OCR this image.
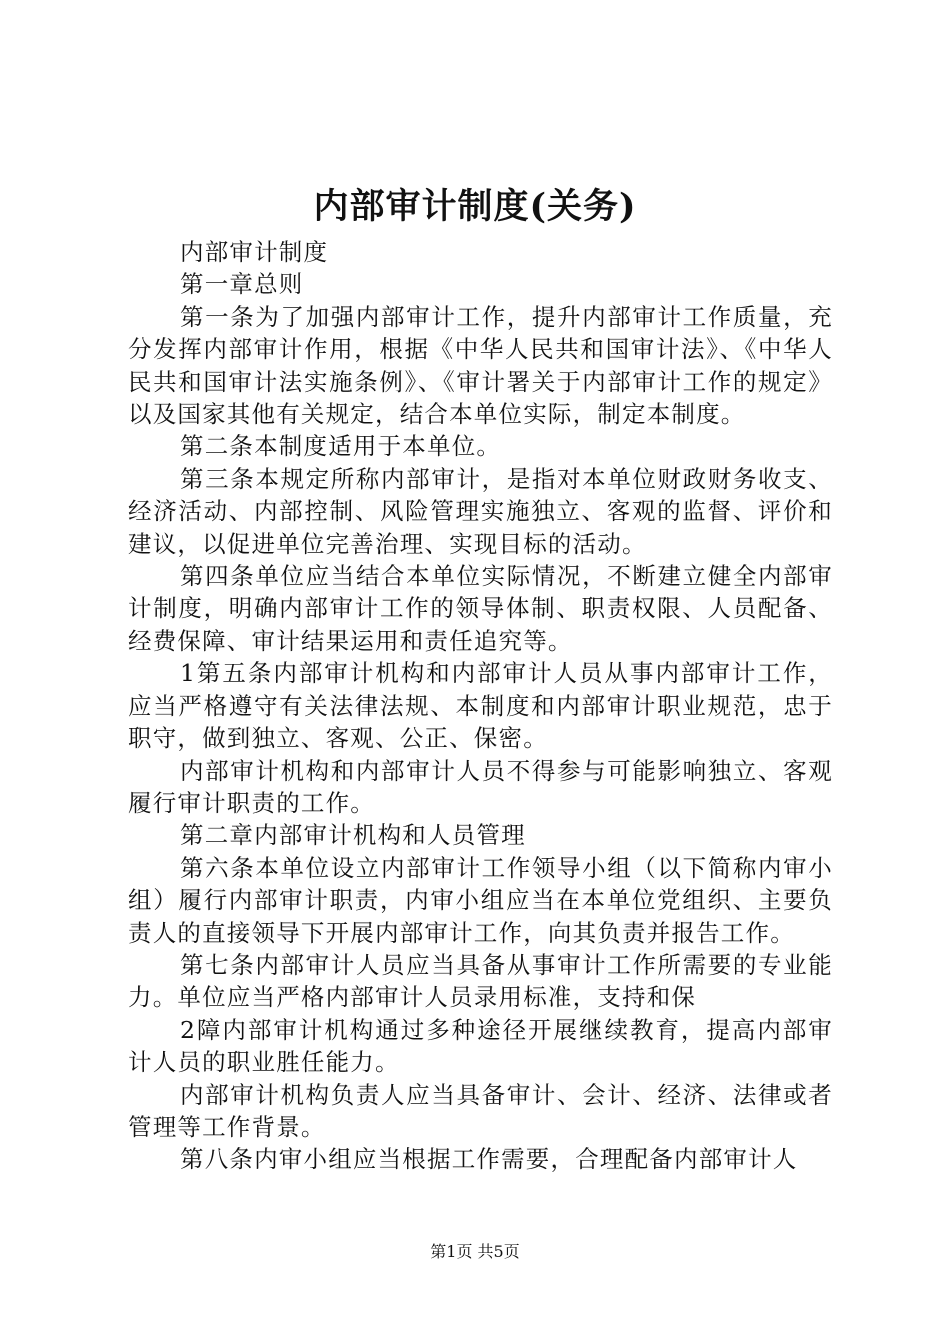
内部审计制度(关务)

内部审计制度

第一章总则

第一条为了加强内部审计工作，提升内部审计工作质量，充分发挥内部审计作用，根据《中华人民共和国审计法》、《中华人民共和国审计法实施条例》、《审计署关于内部审计工作的规定》以及国家其他有关规定，结合本单位实际，制定本制度。

第二条本制度适用于本单位。

第三条本规定所称内部审计，是指对本单位财政财务收支、经济活动、内部控制、风险管理实施独立、客观的监督、评价和建议，以促进单位完善治理、实现目标的活动。

第四条单位应当结合本单位实际情况，不断建立健全内部审计制度，明确内部审计工作的领导体制、职责权限、人员配备、经费保障、审计结果运用和责任追究等。

1第五条内部审计机构和内部审计人员从事内部审计工作，应当严格遵守有关法律法规、本制度和内部审计职业规范，忠于职守，做到独立、客观、公正、保密。

内部审计机构和内部审计人员不得参与可能影响独立、客观履行审计职责的工作。

第二章内部审计机构和人员管理

第六条本单位设立内部审计工作领导小组（以下简称内审小组）履行内部审计职责，内审小组应当在本单位党组织、主要负责人的直接领导下开展内部审计工作，向其负责并报告工作。

第七条内部审计人员应当具备从事审计工作所需要的专业能力。单位应当严格内部审计人员录用标准，支持和保

2障内部审计机构通过多种途径开展继续教育，提高内部审计人员的职业胜任能力。

内部审计机构负责人应当具备审计、会计、经济、法律或者管理等工作背景。

第八条内审小组应当根据工作需要，合理配备内部审计人

第1页 共5页
